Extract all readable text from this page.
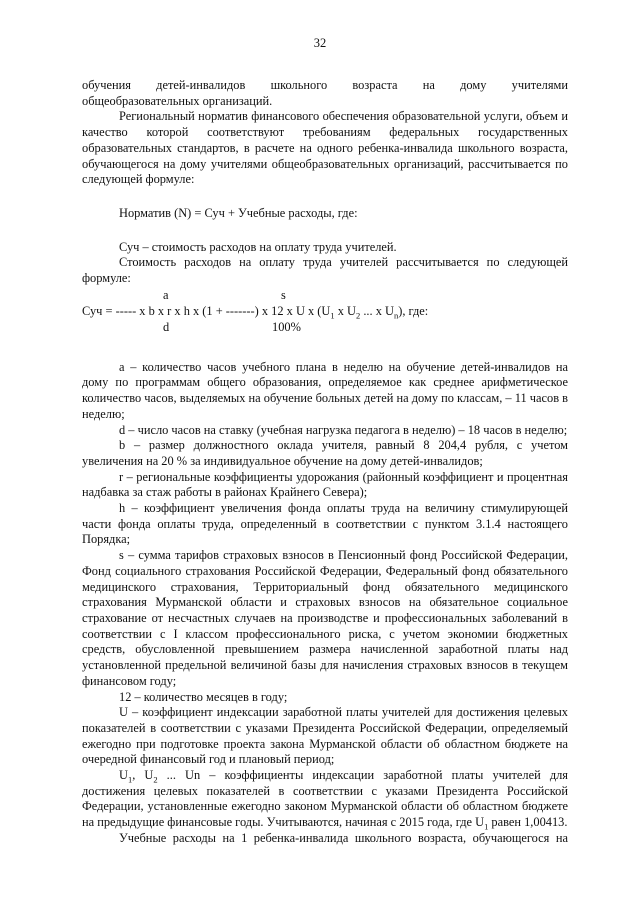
32

обучения детей-инвалидов школьного возраста на дому учителями

общеобразовательных организаций.

Региональный норматив финансового обеспечения образовательной услуги, объем и качество которой соответствуют требованиям федеральных государственных образовательных стандартов, в расчете на одного ребенка-инвалида школьного возраста, обучающегося на дому учителями общеобразовательных организаций, рассчитывается по следующей формуле:

Норматив (N) = Суч + Учебные расходы, где:

Суч – стоимость расходов на оплату труда учителей.

Стоимость расходов на оплату труда учителей рассчитывается по следующей формуле:

a	s
Суч = ----- x b x r x h x (1 + -------) x 12 x U x ($U_1$ x $U_2$ ... x $U_n$), где:
d	100%

а – количество часов учебного плана в неделю на обучение детей-инвалидов на дому по программам общего образования, определяемое как среднее арифметическое количество часов, выделяемых на обучение больных детей на дому по классам, – 11 часов в неделю;

d – число часов на ставку (учебная нагрузка педагога в неделю) – 18 часов в неделю;

b – размер должностного оклада учителя, равный 8 204,4 рубля, с учетом увеличения на 20 % за индивидуальное обучение на дому детей-инвалидов;

r – региональные коэффициенты удорожания (районный коэффициент и процентная надбавка за стаж работы в районах Крайнего Севера);

h – коэффициент увеличения фонда оплаты труда на величину стимулирующей части фонда оплаты труда, определенный в соответствии с пунктом 3.1.4 настоящего Порядка;

s – сумма тарифов страховых взносов в Пенсионный фонд Российской Федерации, Фонд социального страхования Российской Федерации, Федеральный фонд обязательного медицинского страхования, Территориальный фонд обязательного медицинского страхования Мурманской области и страховых взносов на обязательное социальное страхование от несчастных случаев на производстве и профессиональных заболеваний в соответствии с I классом профессионального риска, с учетом экономии бюджетных средств, обусловленной превышением размера начисленной заработной платы над установленной предельной величиной базы для начисления страховых взносов в текущем финансовом году;

12 – количество месяцев в году;

U – коэффициент индексации заработной платы учителей для достижения целевых показателей в соответствии с указами Президента Российской Федерации, определяемый ежегодно при подготовке проекта закона Мурманской области об областном бюджете на очередной финансовый год и плановый период;

$U_1$, $U_2$ ... Un – коэффициенты индексации заработной платы учителей для достижения целевых показателей в соответствии с указами Президента Российской Федерации, установленные ежегодно законом Мурманской области об областном бюджете на предыдущие финансовые годы. Учитываются, начиная с 2015 года, где $U_1$ равен 1,00413.

Учебные расходы на 1 ребенка-инвалида школьного возраста, обучающегося на
